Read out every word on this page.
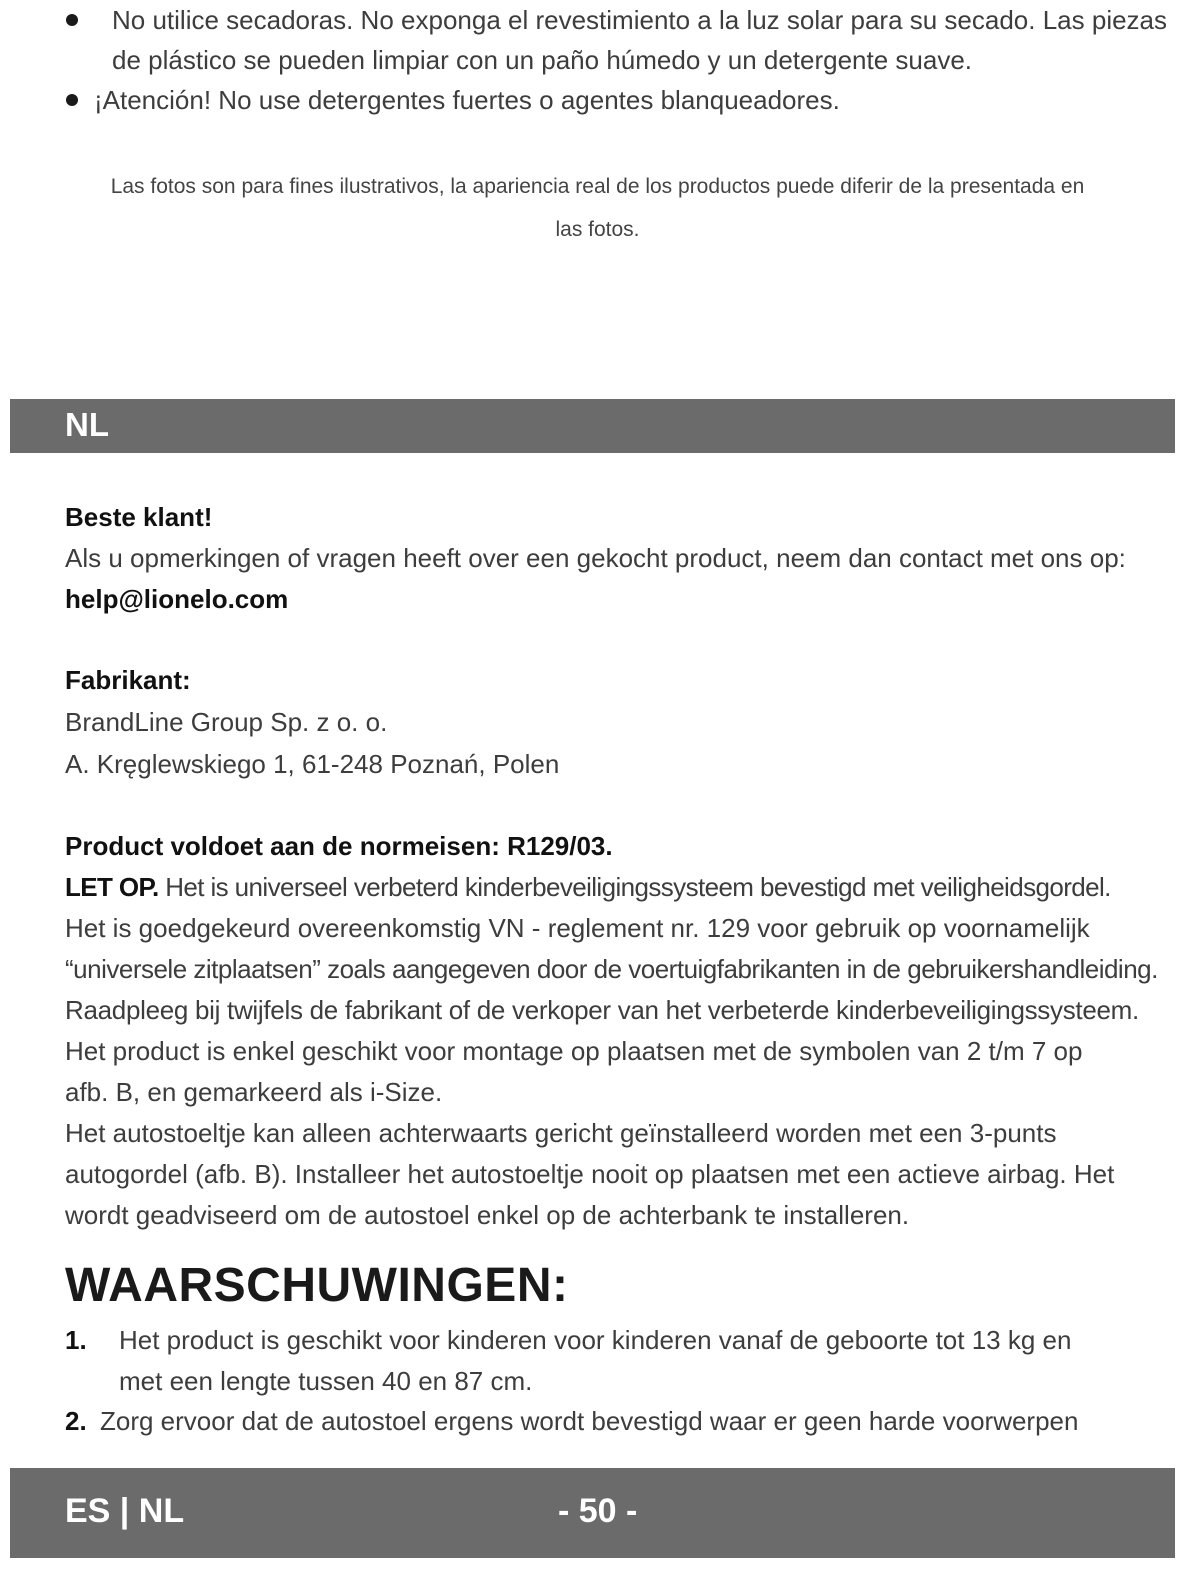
No utilice secadoras. No exponga el revestimiento a la luz solar para su secado. Las piezas
de plástico se pueden limpiar con un paño húmedo y un detergente suave.
¡Atención! No use detergentes fuertes o agentes blanqueadores.
Las fotos son para fines ilustrativos, la apariencia real de los productos puede diferir de la presentada en
las fotos.
NL
Beste klant!
Als u opmerkingen of vragen heeft over een gekocht product, neem dan contact met ons op:
help@lionelo.com
Fabrikant:
BrandLine Group Sp. z o. o.
A. Kręglewskiego 1, 61-248 Poznań, Polen
Product voldoet aan de normeisen: R129/03.
LET OP. Het is universeel verbeterd kinderbeveiligingssysteem bevestigd met veiligheidsgordel.
Het is goedgekeurd overeenkomstig VN - reglement nr. 129 voor gebruik op voornamelijk
“universele zitplaatsen” zoals aangegeven door de voertuigfabrikanten in de gebruikershandleiding.
Raadpleeg bij twijfels de fabrikant of de verkoper van het verbeterde kinderbeveiligingssysteem.
Het product is enkel geschikt voor montage op plaatsen met de symbolen van 2 t/m 7 op
afb. B, en gemarkeerd als i-Size.
Het autostoeltje kan alleen achterwaarts gericht geïnstalleerd worden met een 3-punts
autogordel (afb. B). Installeer het autostoeltje nooit op plaatsen met een actieve airbag. Het
wordt geadviseerd om de autostoel enkel op de achterbank te installeren.
WAARSCHUWINGEN:
1. Het product is geschikt voor kinderen voor kinderen vanaf de geboorte tot 13 kg en
met een lengte tussen 40 en 87 cm.
2. Zorg ervoor dat de autostoel ergens wordt bevestigd waar er geen harde voorwerpen
ES | NL	- 50 -
